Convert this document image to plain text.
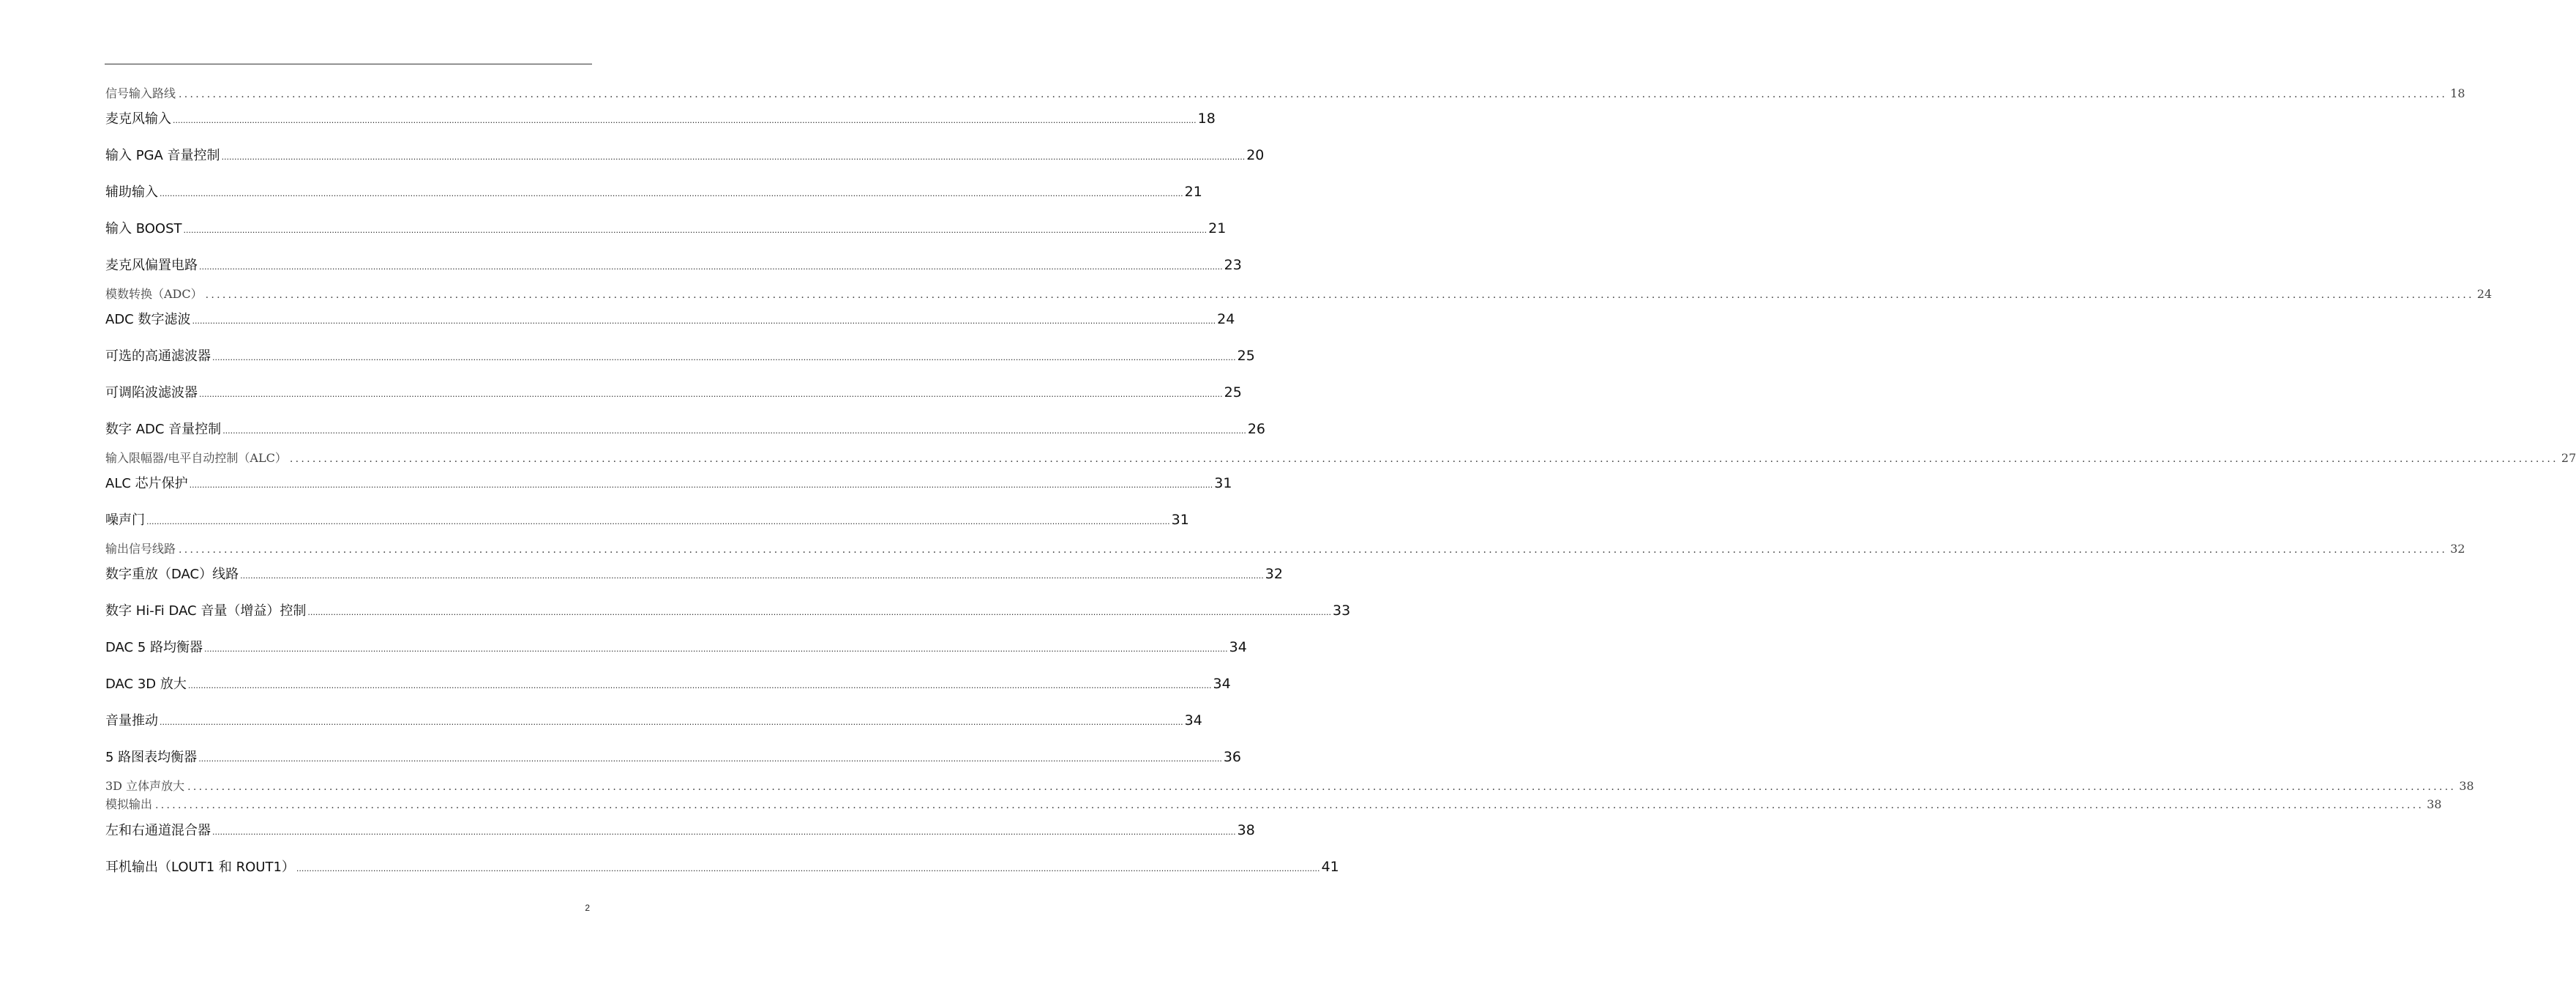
信号输入路线 ................................................................................................................................................................................................................................................................................................................................................................................................................ 18
麦克风输入 ................................................................................................................................................................................................................................................................................................................................................................................................................ 18
输入 PGA 音量控制 ................................................................................................................................................................................................................................................................................................................................................................................................................ 20
辅助输入 ................................................................................................................................................................................................................................................................................................................................................................................................................ 21
输入 BOOST ................................................................................................................................................................................................................................................................................................................................................................................................................ 21
麦克风偏置电路 ................................................................................................................................................................................................................................................................................................................................................................................................................ 23
模数转换（ADC） ................................................................................................................................................................................................................................................................................................................................................................................................................ 24
ADC 数字滤波 ................................................................................................................................................................................................................................................................................................................................................................................................................ 24
可选的高通滤波器 ................................................................................................................................................................................................................................................................................................................................................................................................................ 25
可调陷波滤波器 ................................................................................................................................................................................................................................................................................................................................................................................................................ 25
数字 ADC 音量控制 ................................................................................................................................................................................................................................................................................................................................................................................................................ 26
输入限幅器/电平自动控制（ALC） ................................................................................................................................................................................................................................................................................................................................................................................................................ 27
ALC 芯片保护 ................................................................................................................................................................................................................................................................................................................................................................................................................ 31
噪声门 ................................................................................................................................................................................................................................................................................................................................................................................................................ 31
输出信号线路 ................................................................................................................................................................................................................................................................................................................................................................................................................ 32
数字重放（DAC）线路 ................................................................................................................................................................................................................................................................................................................................................................................................................ 32
数字 Hi-Fi DAC 音量（增益）控制 ................................................................................................................................................................................................................................................................................................................................................................................................................ 33
DAC 5 路均衡器 ................................................................................................................................................................................................................................................................................................................................................................................................................ 34
DAC 3D 放大 ................................................................................................................................................................................................................................................................................................................................................................................................................ 34
音量推动 ................................................................................................................................................................................................................................................................................................................................................................................................................ 34
5 路图表均衡器 ................................................................................................................................................................................................................................................................................................................................................................................................................ 36
3D 立体声放大 ................................................................................................................................................................................................................................................................................................................................................................................................................ 38
模拟输出 ................................................................................................................................................................................................................................................................................................................................................................................................................ 38
左和右通道混合器 ................................................................................................................................................................................................................................................................................................................................................................................................................ 38
耳机输出（LOUT1 和 ROUT1） ................................................................................................................................................................................................................................................................................................................................................................................................................ 41
2
